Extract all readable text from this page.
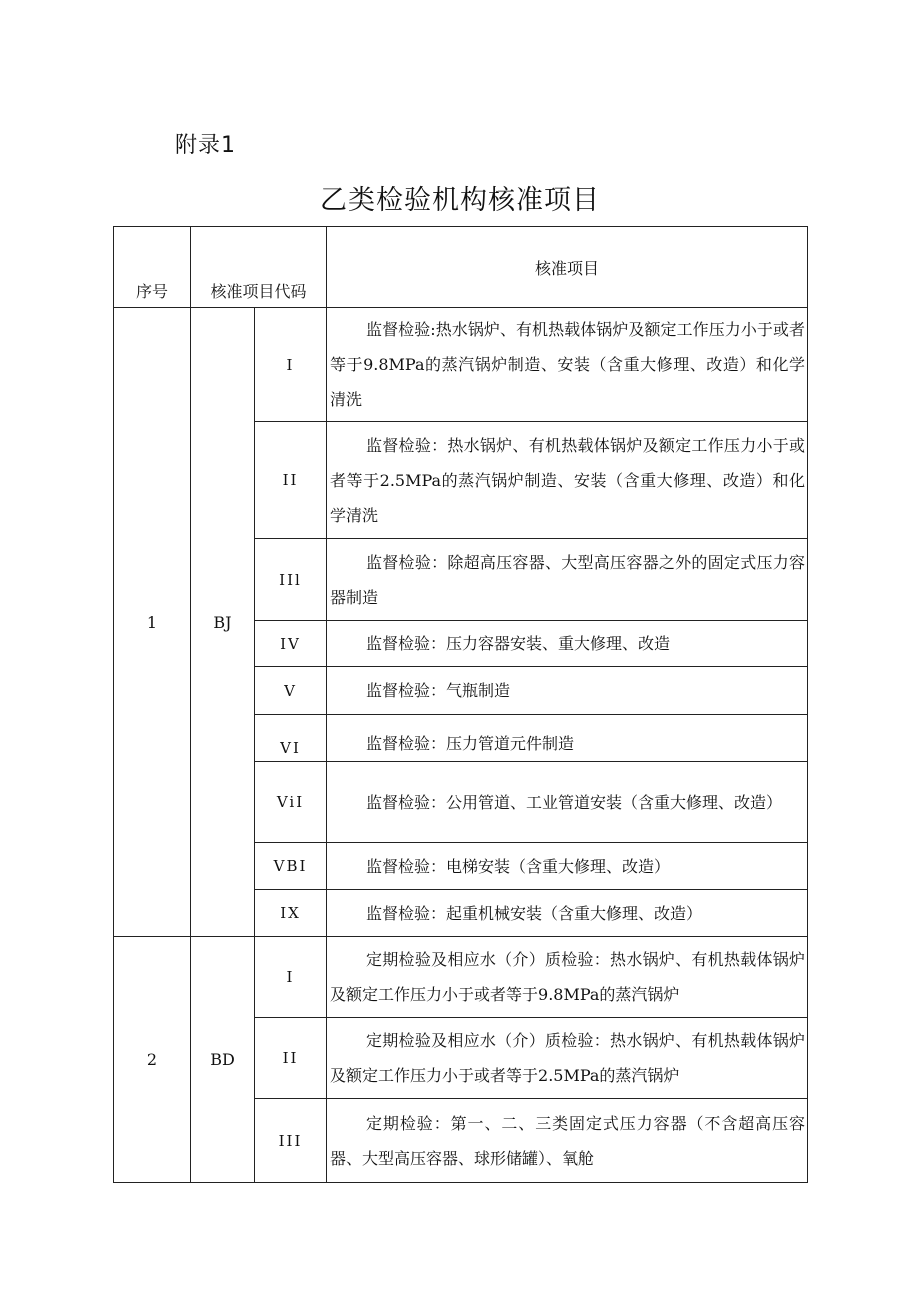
附录1
乙类检验机构核准项目
序号	核准项目代码		核准项目
1	BJ	I	监督检验:热水锅炉、有机热载体锅炉及额定工作压力小于或者等于9.8MPa的蒸汽锅炉制造、安装（含重大修理、改造）和化学清洗
		II	监督检验：热水锅炉、有机热载体锅炉及额定工作压力小于或者等于2.5MPa的蒸汽锅炉制造、安装（含重大修理、改造）和化学清洗
		IIl	监督检验：除超高压容器、大型高压容器之外的固定式压力容器制造
		IV	监督检验：压力容器安装、重大修理、改造
		V	监督检验：气瓶制造
		VI	监督检验：压力管道元件制造
		ViI	监督检验：公用管道、工业管道安装（含重大修理、改造）
		VBI	监督检验：电梯安装（含重大修理、改造）
		IX	监督检验：起重机械安装（含重大修理、改造）
2	BD	I	定期检验及相应水（介）质检验：热水锅炉、有机热载体锅炉及额定工作压力小于或者等于9.8MPa的蒸汽锅炉
		II	定期检验及相应水（介）质检验：热水锅炉、有机热载体锅炉及额定工作压力小于或者等于2.5MPa的蒸汽锅炉
		III	定期检验：第一、二、三类固定式压力容器（不含超高压容器、大型高压容器、球形储罐）、氧舱
